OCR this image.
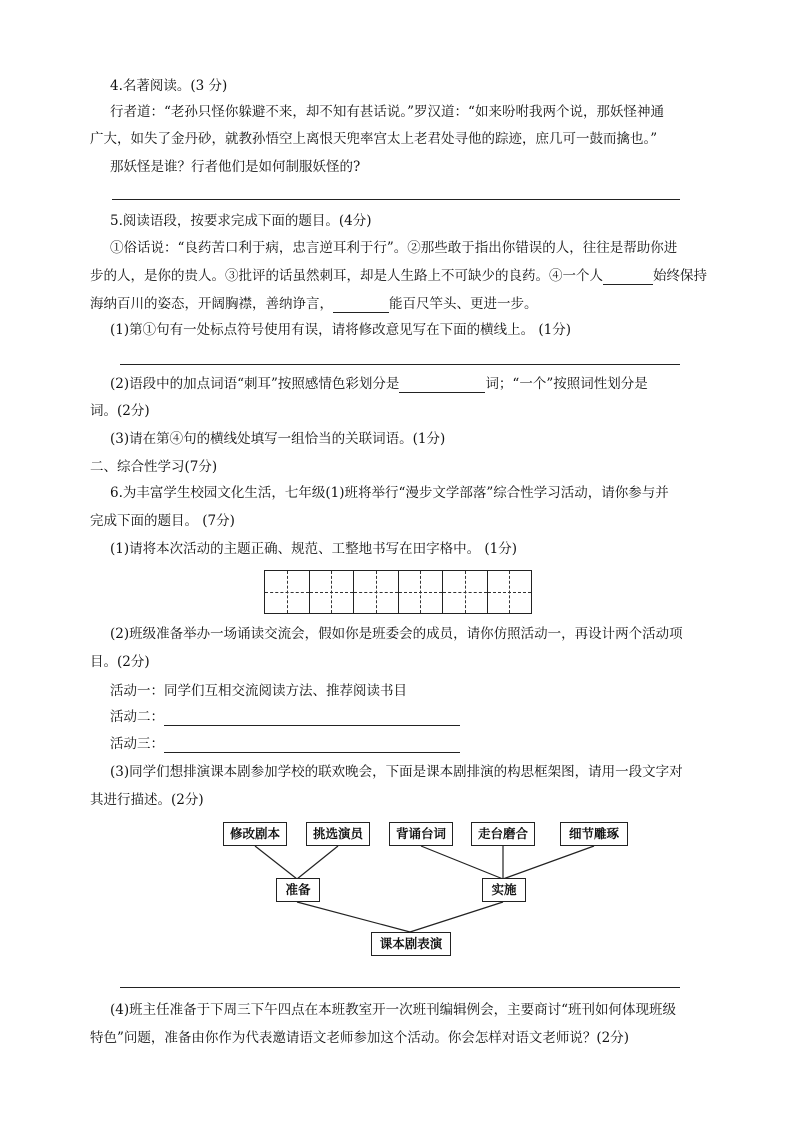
4.名著阅读。(3 分)
行者道：“老孙只怪你躲避不来，却不知有甚话说。”罗汉道：“如来吩咐我两个说，那妖怪神通
广大，如失了金丹砂，就教孙悟空上离恨天兜率宫太上老君处寻他的踪迹，庶几可一鼓而擒也。”
那妖怪是谁？行者他们是如何制服妖怪的?
5.阅读语段，按要求完成下面的题目。(4分)
①俗话说：“良药苦口利于病，忠言逆耳利于行”。②那些敢于指出你错误的人，往往是帮助你进
步的人，是你的贵人。③批评的话虽然刺耳，却是人生路上不可缺少的良药。④一个人	始终保持
海纳百川的姿态，开阔胸襟，善纳诤言，	能百尺竿头、更进一步。
(1)第①句有一处标点符号使用有误，请将修改意见写在下面的横线上。 (1分)
(2)语段中的加点词语“刺耳”按照感情色彩划分是	词；“一个”按照词性划分是
词。(2分)
(3)请在第④句的横线处填写一组恰当的关联词语。(1分)
二、综合性学习(7分)
6.为丰富学生校园文化生活，七年级(1)班将举行“漫步文学部落”综合性学习活动，请你参与并
完成下面的题目。 (7分)
(1)请将本次活动的主题正确、规范、工整地书写在田字格中。 (1分)
(2)班级准备举办一场诵读交流会，假如你是班委会的成员，请你仿照活动一，再设计两个活动项
目。(2分)
活动一：同学们互相交流阅读方法、推荐阅读书目
活动二：
活动三：
(3)同学们想排演课本剧参加学校的联欢晚会，下面是课本剧排演的构思框架图，请用一段文字对
其进行描述。(2分)
修改剧本	挑选演员	背诵台词	走台磨合	细节雕琢
准备	实施
课本剧表演
(4)班主任准备于下周三下午四点在本班教室开一次班刊编辑例会，主要商讨“班刊如何体现班级
特色”问题，准备由你作为代表邀请语文老师参加这个活动。你会怎样对语文老师说？(2分)
